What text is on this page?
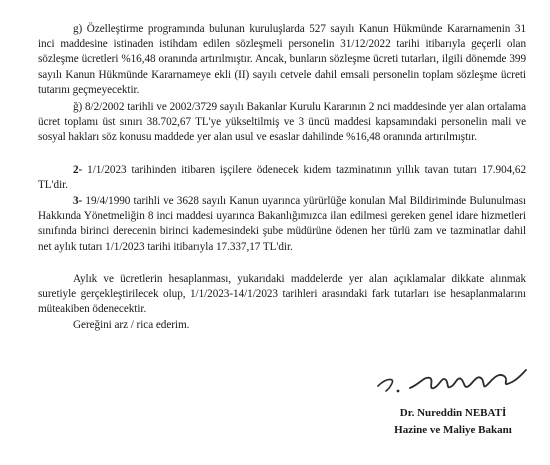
g) Özelleştirme programında bulunan kuruluşlarda 527 sayılı Kanun Hükmünde Kararnamenin 31 inci maddesine istinaden istihdam edilen sözleşmeli personelin 31/12/2022 tarihi itibarıyla geçerli olan sözleşme ücretleri %16,48 oranında artırılmıştır. Ancak, bunların sözleşme ücreti tutarları, ilgili dönemde 399 sayılı Kanun Hükmünde Kararnameye ekli (II) sayılı cetvele dahil emsali personelin toplam sözleşme ücreti tutarını geçmeyecektir.

ğ) 8/2/2002 tarihli ve 2002/3729 sayılı Bakanlar Kurulu Kararının 2 nci maddesinde yer alan ortalama ücret toplamı üst sınırı 38.702,67 TL'ye yükseltilmiş ve 3 üncü maddesi kapsamındaki personelin mali ve sosyal hakları söz konusu maddede yer alan usul ve esaslar dahilinde %16,48 oranında artırılmıştır.

2- 1/1/2023 tarihinden itibaren işçilere ödenecek kıdem tazminatının yıllık tavan tutarı 17.904,62 TL'dir.

3- 19/4/1990 tarihli ve 3628 sayılı Kanun uyarınca yürürlüğe konulan Mal Bildiriminde Bulunulması Hakkında Yönetmeliğin 8 inci maddesi uyarınca Bakanlığımızca ilan edilmesi gereken genel idare hizmetleri sınıfında birinci derecenin birinci kademesindeki şube müdürüne ödenen her türlü zam ve tazminatlar dahil net aylık tutarı 1/1/2023 tarihi itibarıyla 17.337,17 TL'dir.

Aylık ve ücretlerin hesaplanması, yukarıdaki maddelerde yer alan açıklamalar dikkate alınmak suretiyle gerçekleştirilecek olup, 1/1/2023-14/1/2023 tarihleri arasındaki fark tutarları ise hesaplanmalarını müteakiben ödenecektir.

Gereğini arz / rica ederim.

Dr. Nureddin NEBATİ

Hazine ve Maliye Bakanı
